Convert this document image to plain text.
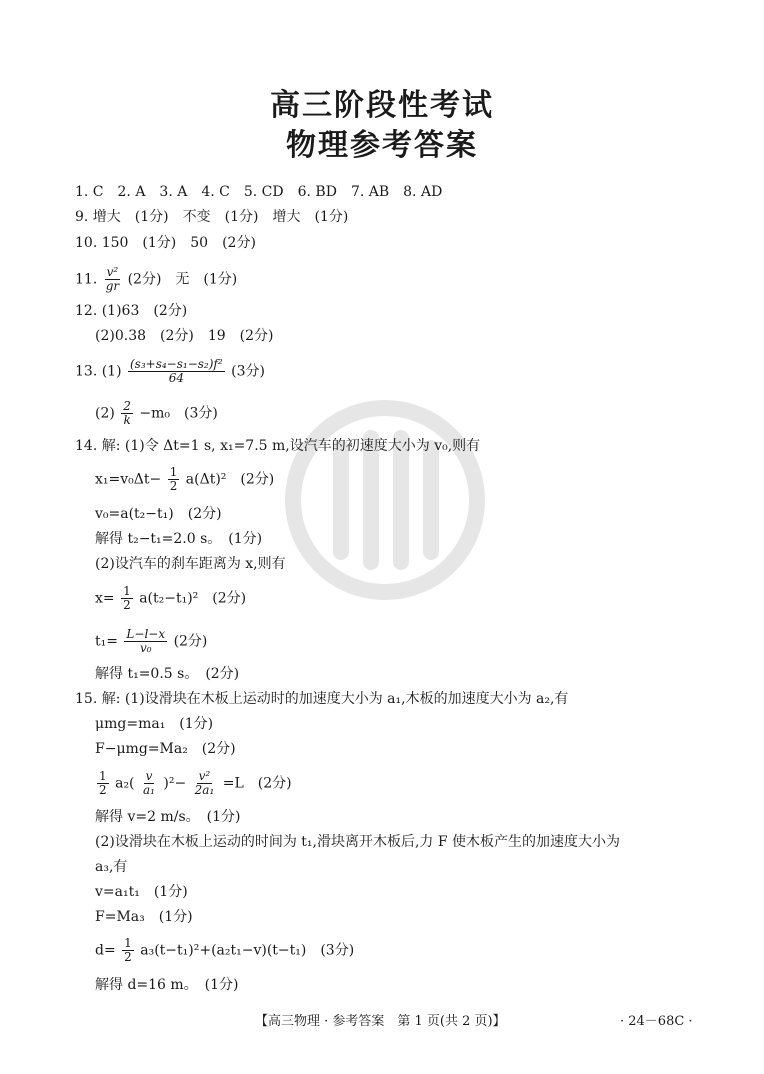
高三阶段性考试
物理参考答案
1. C　2. A　3. A　4. C　5. CD　6. BD　7. AB　8. AD
9. 增大　(1分)　不变　(1分)　增大　(1分)
10. 150　(1分)　50　(2分)
11. $\frac{\text{v²}}{gr} (2$分)　无　(1分)
12. (1)63　(2分)
(2)0.38　(2分)　19　(2分)
13. $(1) \frac{\text{(s₃+s₄−s₁−s₂)f²}}{64} (3$分)
$(2) \frac{2}{k} -m_0$　(3分)
14. 解: (1)令 Δt=1 s, x₁=7.5 m,设汽车的初速度大小为 v₀,则有
$x_1=v_0\Delta t- \frac{1}{2} a(\Delta t)^2$　(2分)
v₀=a(t₂−t₁)　(2分)
解得 t₂−t₁=2.0 s。　(1分)
(2)设汽车的刹车距离为 x,则有
$x= \frac{1}{2} a(t_2-t_1)^2$　(2分)
$t_1= \frac{L-l-x}{\text{v₀}} (2$分)
解得 t₁=0.5 s。　(2分)
15. 解: (1)设滑块在木板上运动时的加速度大小为 a₁,木板的加速度大小为 a₂,有
μmg=ma₁　(1分)
F−μmg=Ma₂　(2分)
$\frac{1}{2} a_2( \frac{v}{\text{a₁}} )^2- \frac{\text{v²}}{\text{2a₁}} =L$　(2分)
解得 v=2 m/s。　(1分)
(2)设滑块在木板上运动的时间为 t₁,滑块离开木板后,力 F 使木板产生的加速度大小为
a₃,有
v=a₁t₁　(1分)
F=Ma₃　(1分)
$d= \frac{1}{2} a_3(t-t_1)^2+(a_2t_1-v)(t-t_1)$　(3分)
解得 d=16 m。　(1分)
【高三物理 · 参考答案　第 1 页(共 2 页)】	· 24－68C ·
